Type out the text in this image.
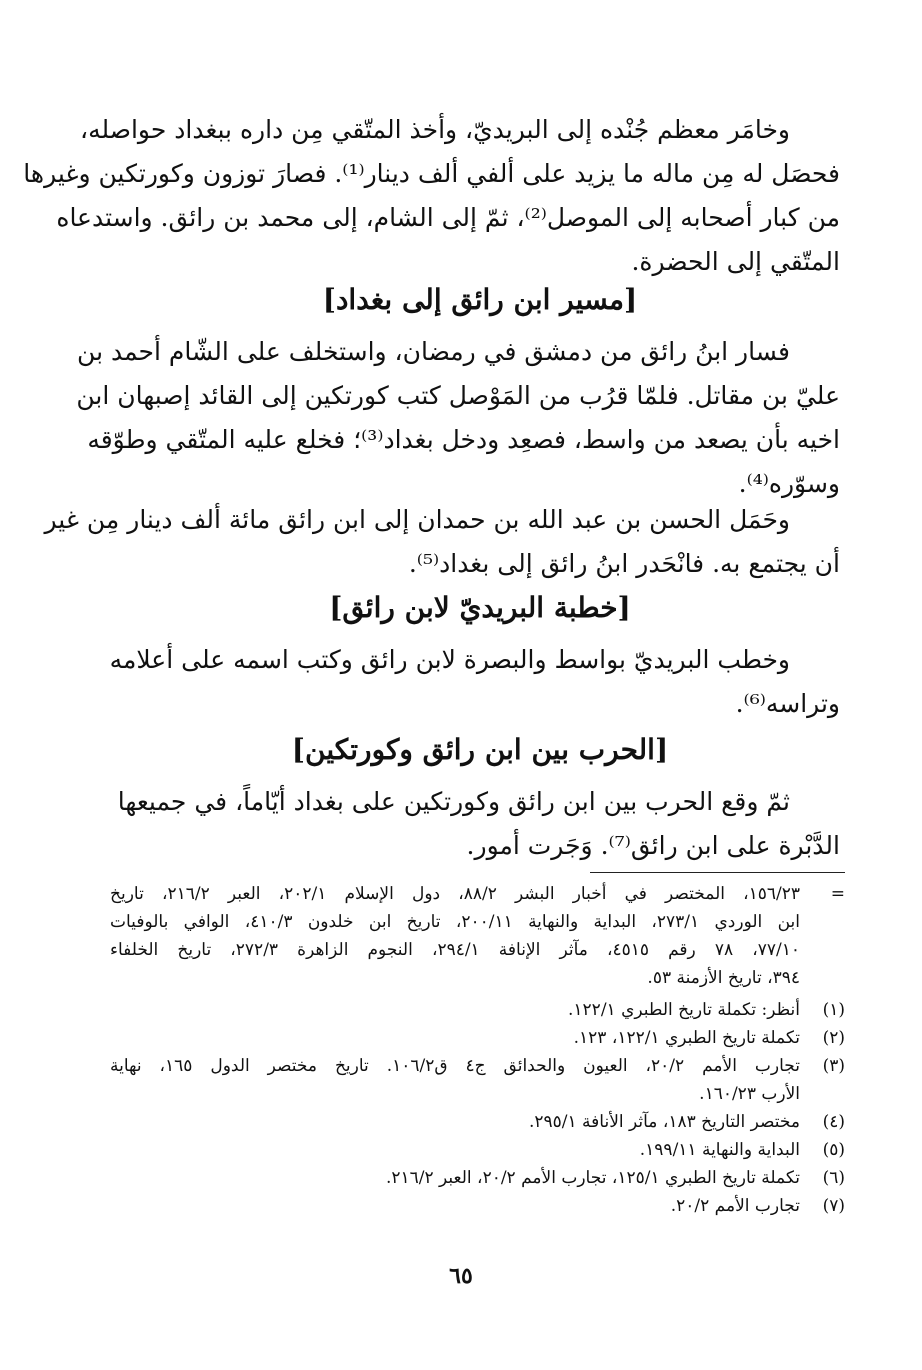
وخامَر معظم جُنْده إلى البريديّ، وأخذ المتّقي مِن داره ببغداد حواصله،
فحصَل له مِن ماله ما يزيد على ألفي ألف دينار⁽¹⁾. فصارَ توزون وكورتكين وغيرها
من كبار أصحابه إلى الموصل⁽²⁾، ثمّ إلى الشام، إلى محمد بن رائق. واستدعاه
المتّقي إلى الحضرة.
[مسير ابن رائق إلى بغداد]
فسار ابنُ رائق من دمشق في رمضان، واستخلف على الشّام أحمد بن
عليّ بن مقاتل. فلمّا قرُب من المَوْصل كتب كورتكين إلى القائد إصبهان ابن
اخيه بأن يصعد من واسط، فصعِد ودخل بغداد⁽³⁾؛ فخلع عليه المتّقي وطوّقه
وسوّره⁽⁴⁾.
وحَمَل الحسن بن عبد الله بن حمدان إلى ابن رائق مائة ألف دينار مِن غير
أن يجتمع به. فانْحَدر ابنُ رائق إلى بغداد⁽⁵⁾.
[خطبة البريديّ لابن رائق]
وخطب البريديّ بواسط والبصرة لابن رائق وكتب اسمه على أعلامه
وتراسه⁽⁶⁾.
[الحرب بين ابن رائق وكورتكين]
ثمّ وقع الحرب بين ابن رائق وكورتكين على بغداد أيّاماً، في جميعها
الدَّبْرة على ابن رائق⁽⁷⁾. وَجَرت أمور.
=
١٥٦/٢٣، المختصر في أخبار البشر ٨٨/٢، دول الإسلام ٢٠٢/١، العبر ٢١٦/٢، تاريخ
ابن الوردي ٢٧٣/١، البداية والنهاية ٢٠٠/١١، تاريخ ابن خلدون ٤١٠/٣، الوافي بالوفيات
٧٧/١٠، ٧٨ رقم ٤٥١٥، مآثر الإنافة ٢٩٤/١، النجوم الزاهرة ٢٧٢/٣، تاريخ الخلفاء
٣٩٤، تاريخ الأزمنة ٥٣.
(١)
أنظر: تكملة تاريخ الطبري ١٢٢/١.
(٢)
تكملة تاريخ الطبري ١٢٢/١، ١٢٣.
(٣)
تجارب الأمم ٢٠/٢، العيون والحدائق ج٤ ق١٠٦/٢. تاريخ مختصر الدول ١٦٥، نهاية
الأرب ١٦٠/٢٣.
(٤)
مختصر التاريخ ١٨٣، مآثر الأنافة ٢٩٥/١.
(٥)
البداية والنهاية ١٩٩/١١.
(٦)
تكملة تاريخ الطبري ١٢٥/١، تجارب الأمم ٢٠/٢، العبر ٢١٦/٢.
(٧)
تجارب الأمم ٢٠/٢.
٦٥
